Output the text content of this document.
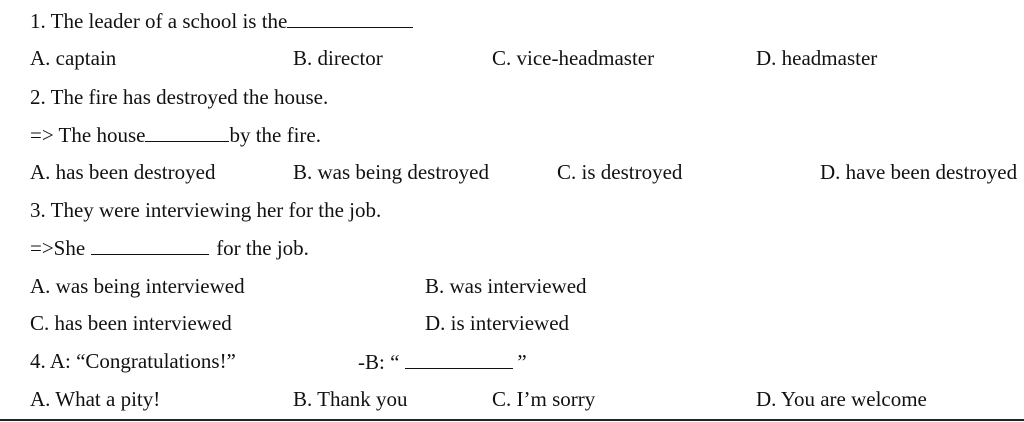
1. The leader of a school is the
A. captain	B. director	C. vice-headmaster	D. headmaster
2. The fire has destroyed the house.
=> The house	by the fire.
A. has been destroyed	B. was being destroyed	C. is destroyed	D. have been destroyed
3. They were interviewing her for the job.
=>She	for the job.
A. was being interviewed	B. was interviewed
C. has been interviewed	D. is interviewed
4. A: “Congratulations!”	-B: “	”
A. What a pity!	B. Thank you	C. I’m sorry	D. You are welcome
